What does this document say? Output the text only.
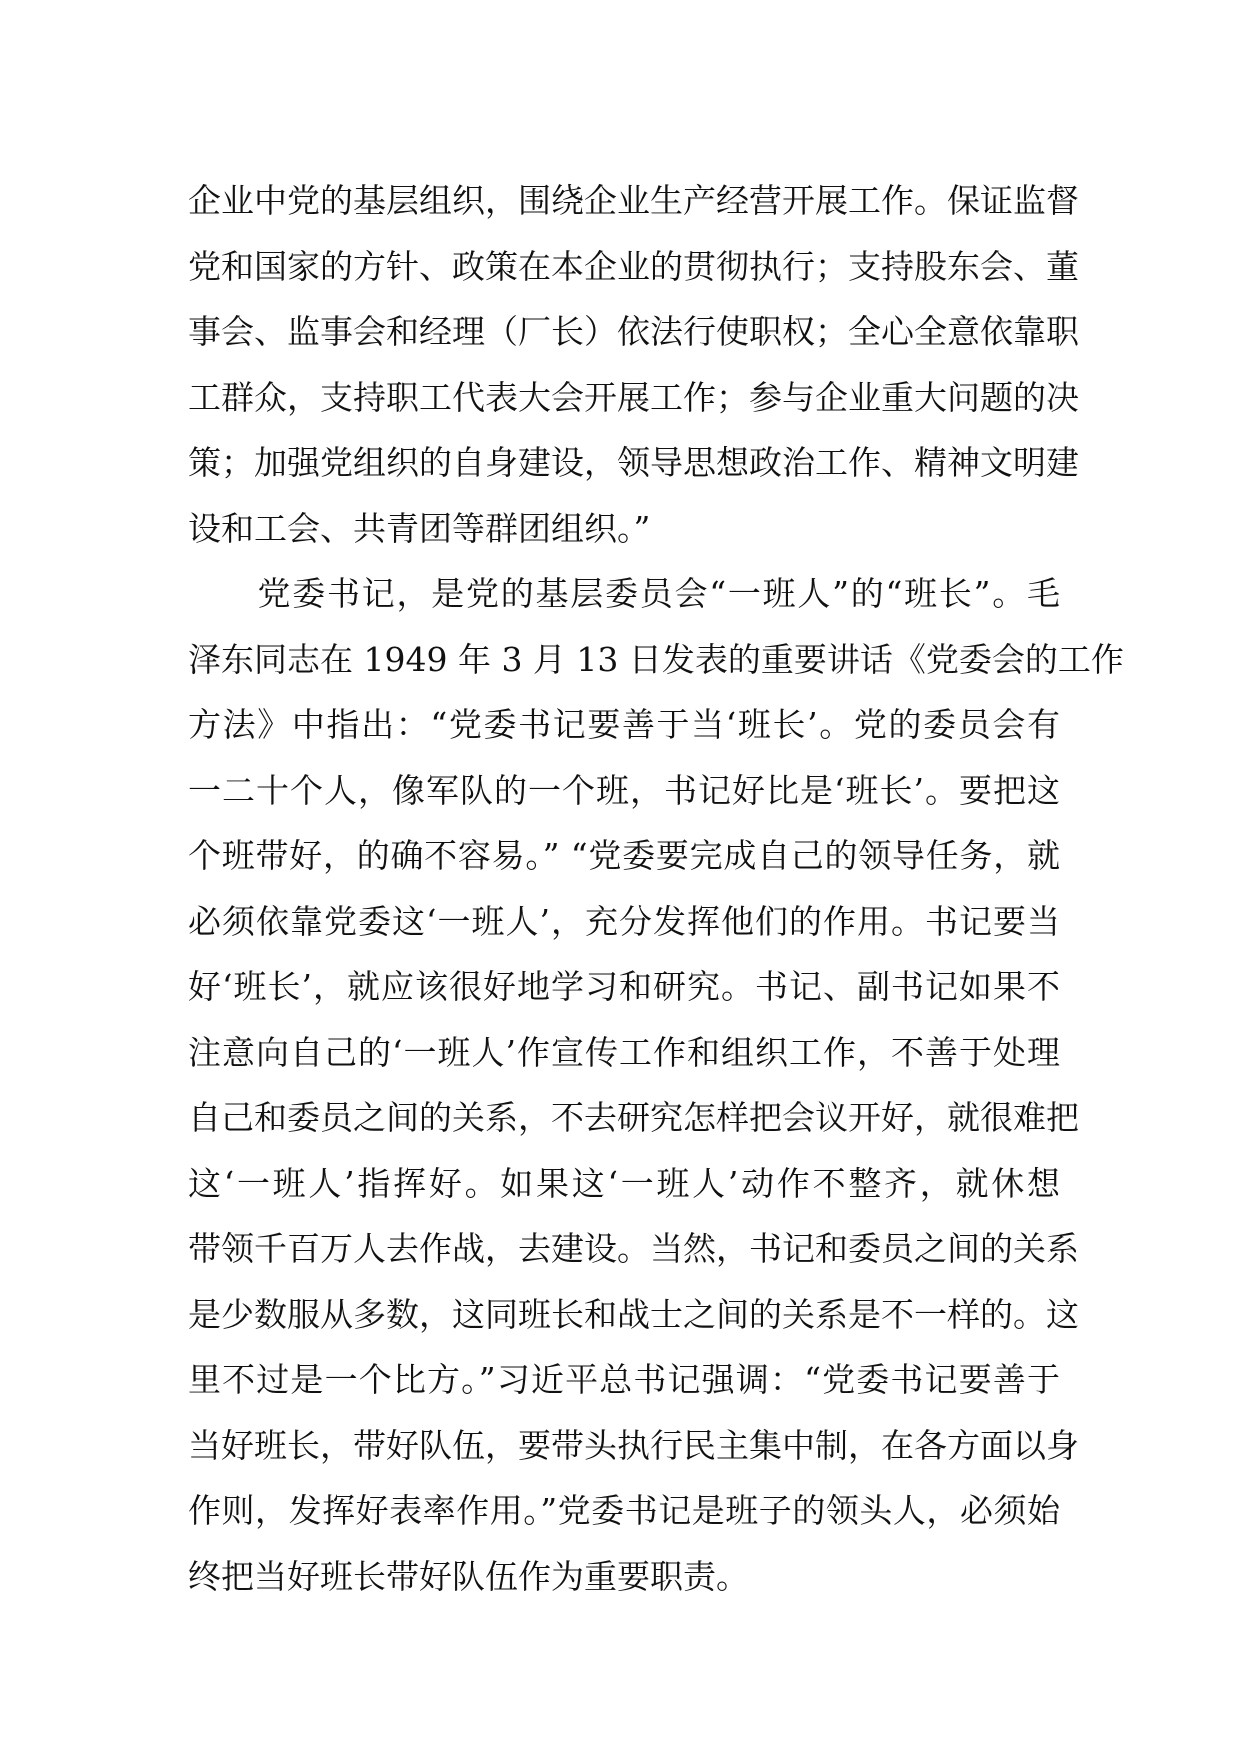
企业中党的基层组织，围绕企业生产经营开展工作。保证监督
党和国家的方针、政策在本企业的贯彻执行；支持股东会、董
事会、监事会和经理（厂长）依法行使职权；全心全意依靠职
工群众，支持职工代表大会开展工作；参与企业重大问题的决
策；加强党组织的自身建设，领导思想政治工作、精神文明建
设和工会、共青团等群团组织。”
　　党委书记，是党的基层委员会“一班人”的“班长”。毛
泽东同志在 1949 年 3 月 13 日发表的重要讲话《党委会的工作
方法》中指出：“党委书记要善于当‘班长’。党的委员会有
一二十个人，像军队的一个班，书记好比是‘班长’。要把这
个班带好，的确不容易。” “党委要完成自己的领导任务，就
必须依靠党委这‘一班人’，充分发挥他们的作用。书记要当
好‘班长’，就应该很好地学习和研究。书记、副书记如果不
注意向自己的‘一班人’作宣传工作和组织工作，不善于处理
自己和委员之间的关系，不去研究怎样把会议开好，就很难把
这‘一班人’指挥好。如果这‘一班人’动作不整齐，就休想
带领千百万人去作战，去建设。当然，书记和委员之间的关系
是少数服从多数，这同班长和战士之间的关系是不一样的。这
里不过是一个比方。”习近平总书记强调：“党委书记要善于
当好班长，带好队伍，要带头执行民主集中制，在各方面以身
作则，发挥好表率作用。”党委书记是班子的领头人，必须始
终把当好班长带好队伍作为重要职责。
